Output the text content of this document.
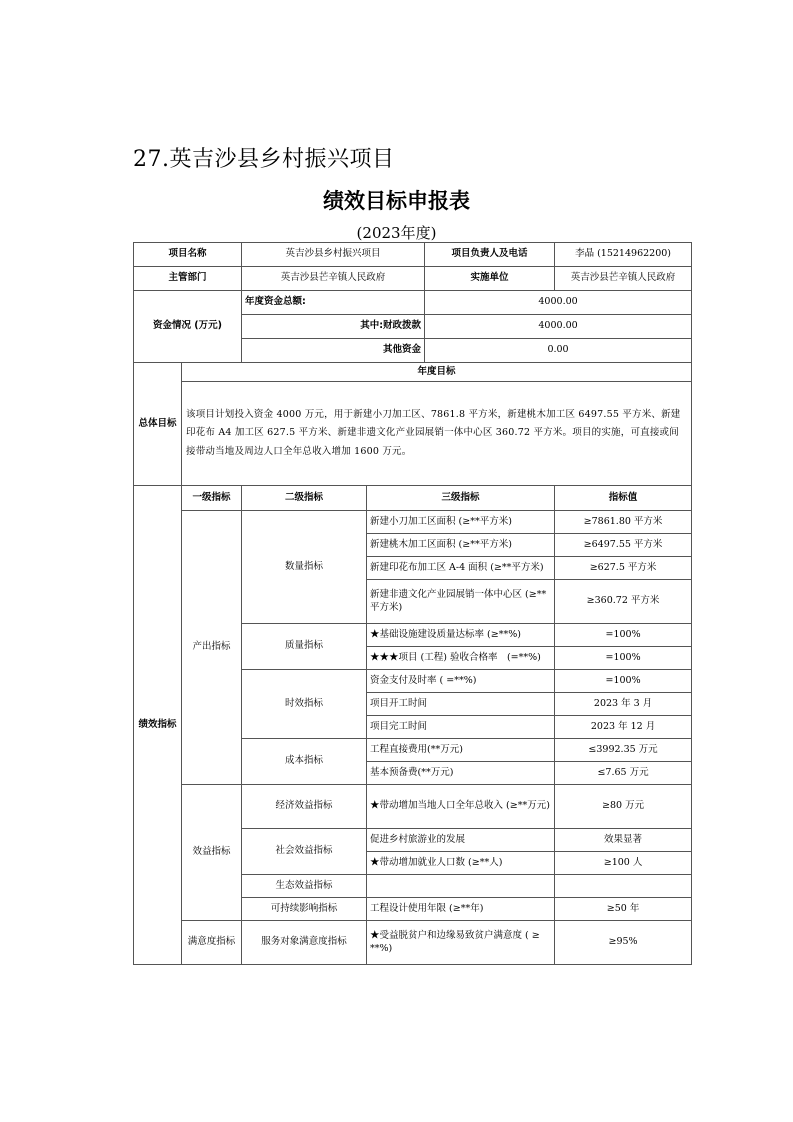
27.英吉沙县乡村振兴项目
绩效目标申报表
(2023年度)
项目名称		英吉沙县乡村振兴项目		项目负责人及电话	李晶 (15214962200)
主管部门		英吉沙县芒辛镇人民政府		实施单位	英吉沙县芒辛镇人民政府
资金情况 (万元)		年度资金总额:		4000.00	
		其中:财政拨款		4000.00	
		其他资金		0.00	
总体目标	年度目标				
	该项目计划投入资金 4000 万元，用于新建小刀加工区、7861.8 平方米，新建桃木加工区 6497.55 平方米、新建印花布 A4 加工区 627.5 平方米、新建非遗文化产业园展销一体中心区 360.72 平方米。项目的实施，可直接或间接带动当地及周边人口全年总收入增加 1600 万元。				
绩效指标	一级指标	二级指标	三级指标		指标值
	产出指标	数量指标	新建小刀加工区面积 (≥**平方米)		≥7861.80 平方米
			新建桃木加工区面积 (≥**平方米)		≥6497.55 平方米
			新建印花布加工区 A-4 面积 (≥**平方米)		≥627.5 平方米
			新建非遗文化产业园展销一体中心区 (≥** 平方米)		≥360.72 平方米
		质量指标	★基础设施建设质量达标率 (≥**%)		=100%
			★★★项目 (工程) 验收合格率　(=**%)		=100%
		时效指标	资金支付及时率 ( =**%)		=100%
			项目开工时间		2023 年 3 月
			项目完工时间		2023 年 12 月
		成本指标	工程直接费用(**万元)		≤3992.35 万元
			基本预备费(**万元)		≤7.65 万元
	效益指标	经济效益指标	★带动增加当地人口全年总收入 (≥**万元)		≥80 万元
		社会效益指标	促进乡村旅游业的发展		效果显著
			★带动增加就业人口数 (≥**人)		≥100 人
		生态效益指标			
		可持续影响指标	工程设计使用年限 (≥**年)		≥50 年
	满意度指标	服务对象满意度指标	★受益脱贫户和边缘易致贫户满意度 ( ≥ **%)		≥95%
